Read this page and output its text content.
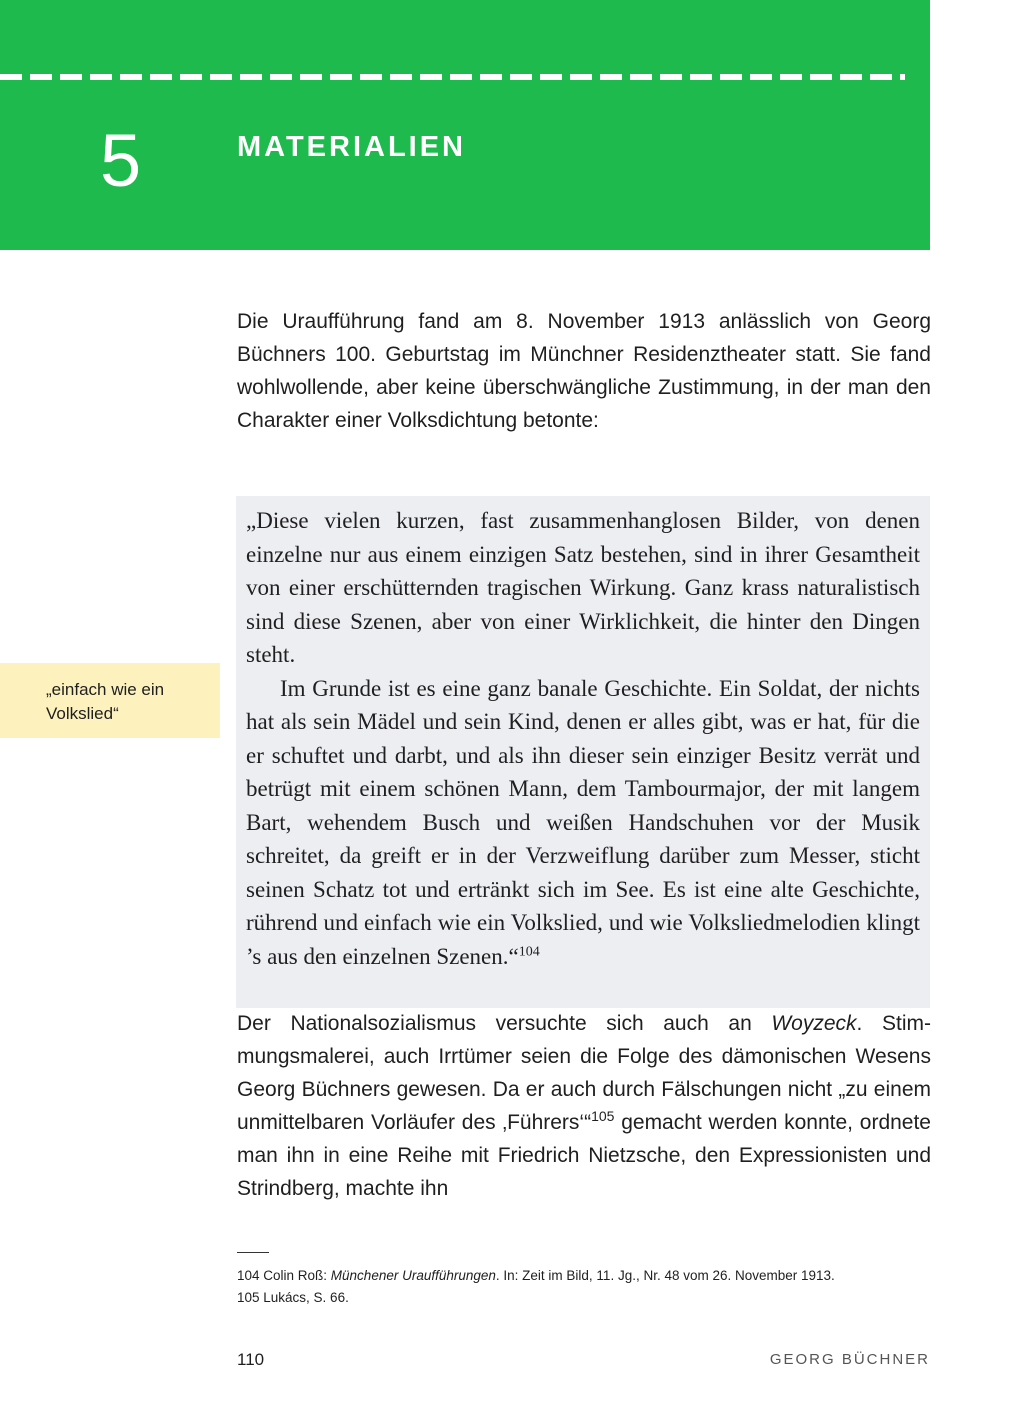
5	MATERIALIEN

Die Uraufführung fand am 8. November 1913 anlässlich von Georg Büchners 100. Geburtstag im Münchner Residenztheater statt. Sie fand wohlwollende, aber keine überschwängliche Zustimmung, in der man den Charakter einer Volksdichtung betonte:

„Diese vielen kurzen, fast zusammenhanglosen Bilder, von denen einzelne nur aus einem einzigen Satz bestehen, sind in ihrer Gesamtheit von einer erschütternden tragischen Wirkung. Ganz krass naturalistisch sind diese Szenen, aber von einer Wirklichkeit, die hinter den Dingen steht.

Im Grunde ist es eine ganz banale Geschichte. Ein Soldat, der nichts hat als sein Mädel und sein Kind, denen er alles gibt, was er hat, für die er schuftet und darbt, und als ihn dieser sein einziger Besitz verrät und betrügt mit einem schönen Mann, dem Tambourmajor, der mit langem Bart, wehendem Busch und weißen Handschuhen vor der Musik schreitet, da greift er in der Verzweiflung darüber zum Messer, sticht seinen Schatz tot und ertränkt sich im See. Es ist eine alte Geschichte, rührend und einfach wie ein Volkslied, und wie Volksliedmelodien klingt ’s aus den einzelnen Szenen.“$^{104}$

„einfach wie ein Volkslied“

Der Nationalsozialismus versuchte sich auch an Woyzeck. Stimmungsmalerei, auch Irrtümer seien die Folge des dämonischen Wesens Georg Büchners gewesen. Da er auch durch Fälschungen nicht „zu einem unmittelbaren Vorläufer des ‚Führers‘“$^{105}$ gemacht werden konnte, ordnete man ihn in eine Reihe mit Friedrich Nietzsche, den Expressionisten und Strindberg, machte ihn

104 Colin Roß: Münchener Uraufführungen. In: Zeit im Bild, 11. Jg., Nr. 48 vom 26. November 1913.
105 Lukács, S. 66.
110	GEORG BÜCHNER
